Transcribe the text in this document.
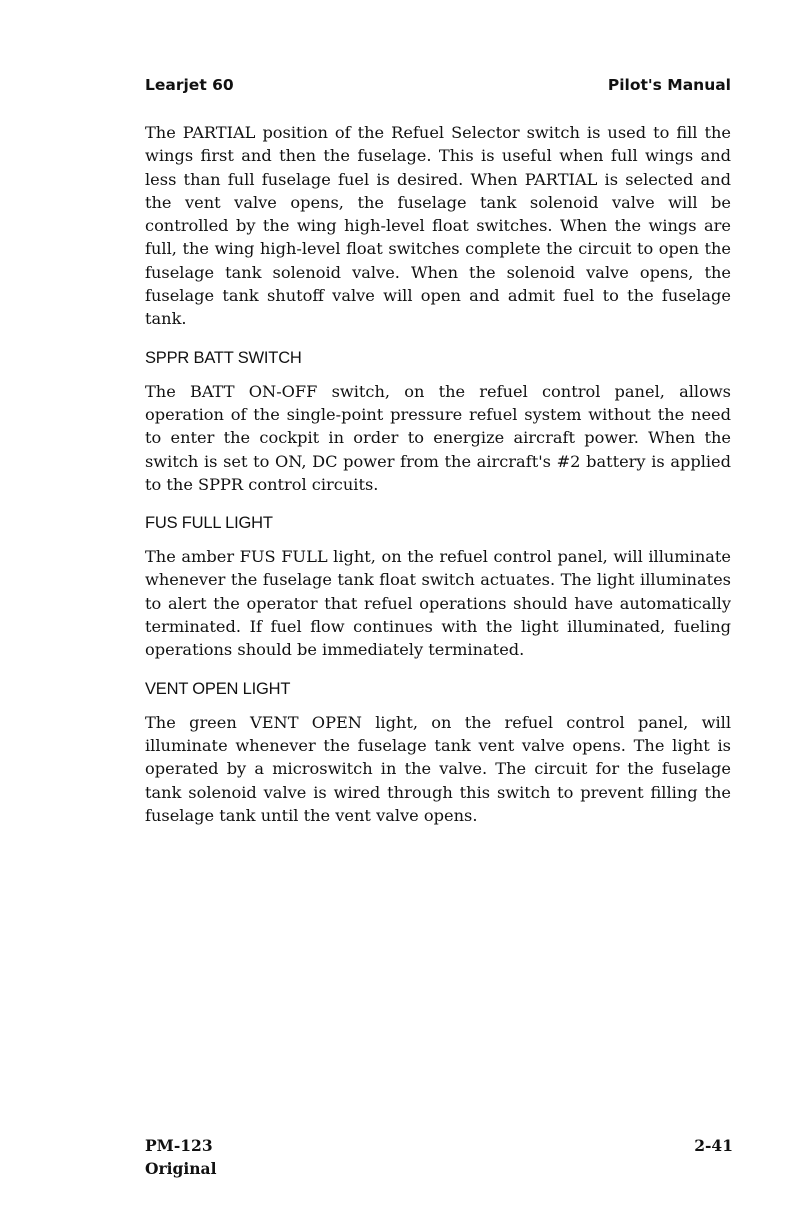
Learjet 60	Pilot's Manual

The PARTIAL position of the Refuel Selector switch is used to fill the wings first and then the fuselage. This is useful when full wings and less than full fuselage fuel is desired. When PARTIAL is selected and the vent valve opens, the fuselage tank solenoid valve will be controlled by the wing high-level float switches. When the wings are full, the wing high-level float switches complete the circuit to open the fuselage tank solenoid valve. When the solenoid valve opens, the fuselage tank shutoff valve will open and admit fuel to the fuselage tank.

SPPR BATT SWITCH

The BATT ON-OFF switch, on the refuel control panel, allows operation of the single-point pressure refuel system without the need to enter the cockpit in order to energize aircraft power. When the switch is set to ON, DC power from the aircraft's #2 battery is applied to the SPPR control circuits.

FUS FULL LIGHT

The amber FUS FULL light, on the refuel control panel, will illuminate whenever the fuselage tank float switch actuates. The light illuminates to alert the operator that refuel operations should have automatically terminated. If fuel flow continues with the light illuminated, fueling operations should be immediately terminated.

VENT OPEN LIGHT

The green VENT OPEN light, on the refuel control panel, will illuminate whenever the fuselage tank vent valve opens. The light is operated by a microswitch in the valve. The circuit for the fuselage tank solenoid valve is wired through this switch to prevent filling the fuselage tank until the vent valve opens.

PM-123
Original
2-41
